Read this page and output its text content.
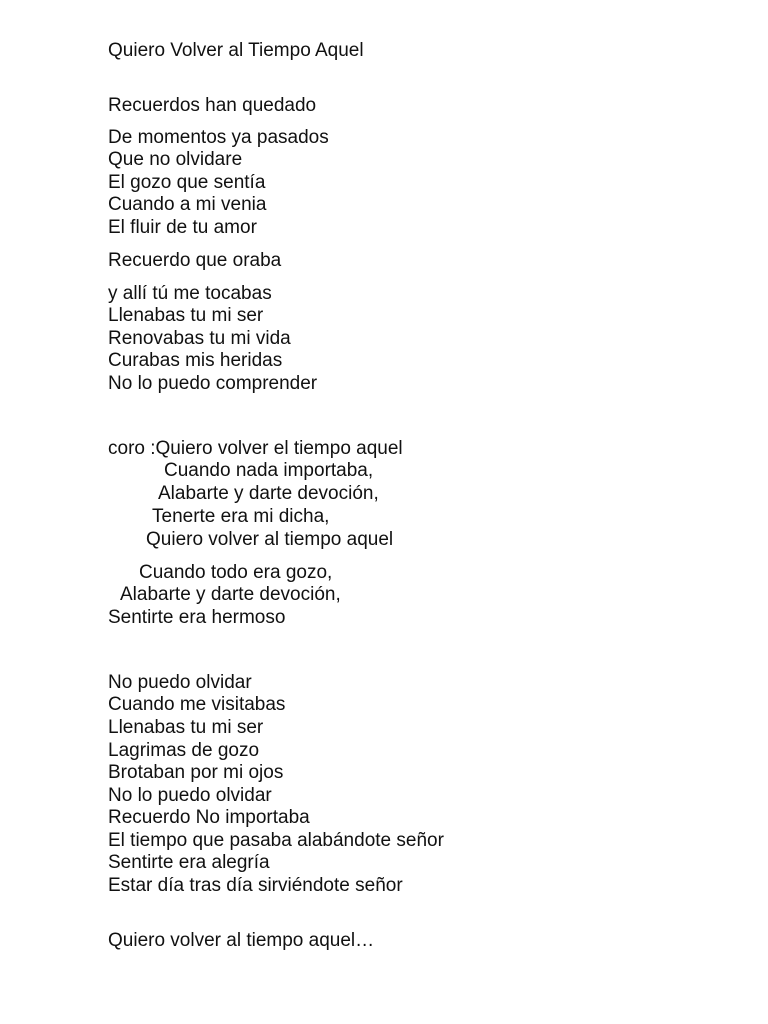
Quiero Volver al Tiempo Aquel
Recuerdos han quedado
De momentos ya pasados
Que no olvidare
El gozo que sentía
Cuando a mi venia
El fluir de tu amor
Recuerdo que oraba
y allí tú me tocabas
Llenabas tu mi ser
Renovabas tu mi vida
Curabas mis heridas
No lo puedo comprender
coro :Quiero volver el tiempo aquel
Cuando nada importaba,
Alabarte y darte devoción,
Tenerte era mi dicha,
Quiero volver al tiempo aquel
Cuando todo era gozo,
Alabarte y darte devoción,
Sentirte era hermoso
No puedo olvidar
Cuando me visitabas
Llenabas tu mi ser
Lagrimas de gozo
Brotaban por mi ojos
No lo puedo olvidar
Recuerdo No importaba
El tiempo que pasaba alabándote señor
Sentirte era alegría
Estar día tras día sirviéndote señor
Quiero volver al tiempo aquel…
